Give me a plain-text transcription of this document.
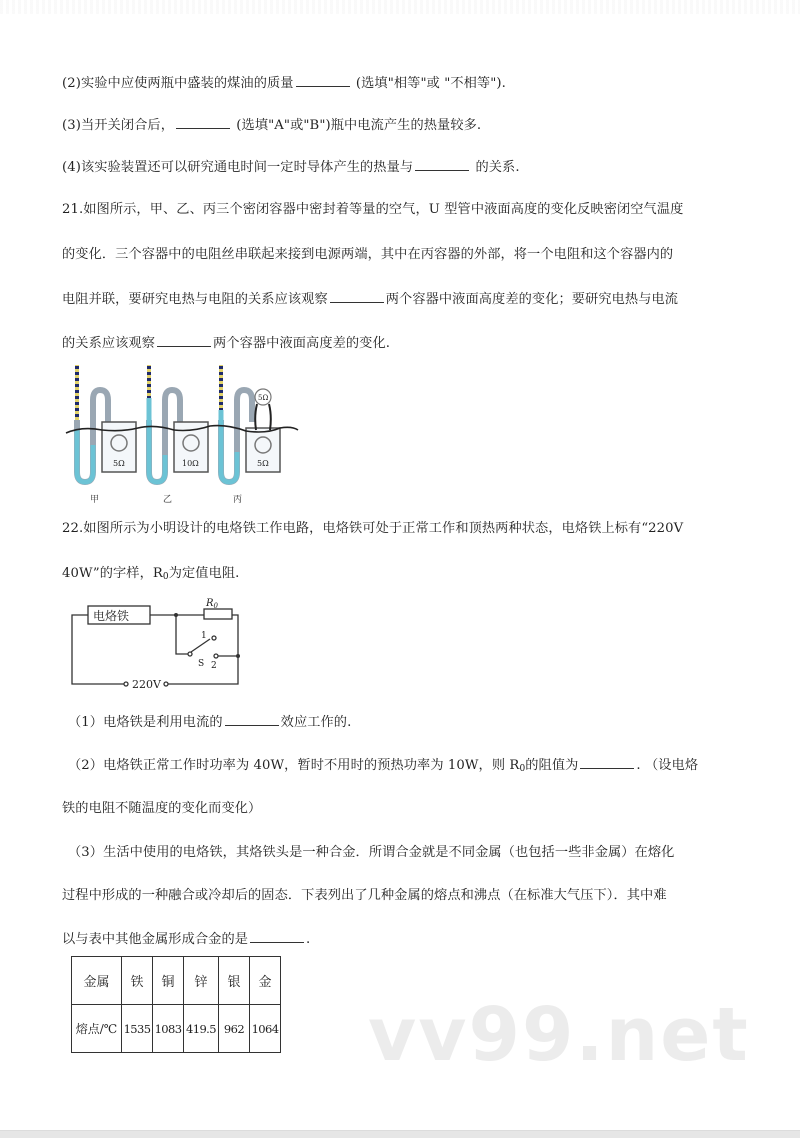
(2)实验中应使两瓶中盛装的煤油的质量	(选填"相等"或 "不相等").
(3)当开关闭合后，	(选填"A"或"B")瓶中电流产生的热量较多.
(4)该实验装置还可以研究通电时间一定时导体产生的热量与	的关系.
21.如图所示，甲、乙、丙三个密闭容器中密封着等量的空气，U 型管中液面高度的变化反映密闭空气温度
的变化．三个容器中的电阻丝串联起来接到电源两端，其中在丙容器的外部，将一个电阻和这个容器内的
电阻并联，要研究电热与电阻的关系应该观察	两个容器中液面高度差的变化；要研究电热与电流
的关系应该观察	两个容器中液面高度差的变化.
5Ω	10Ω	5Ω
5Ω
甲	乙	丙
22.如图所示为小明设计的电烙铁工作电路，电烙铁可处于正常工作和顶热两种状态，电烙铁上标有“220V
40W”的字样，$R_0$为定值电阻.
电烙铁
$R_0$
1
S 2
220V
（1）电烙铁是利用电流的	效应工作的.
（2）电烙铁正常工作时功率为 40W，暂时不用时的预热功率为 10W，则 $R_0$的阻值为	. （设电烙
铁的电阻不随温度的变化而变化）
（3）生活中使用的电烙铁，其烙铁头是一种合金．所谓合金就是不同金属（也包括一些非金属）在熔化
过程中形成的一种融合或冷却后的固态．下表列出了几种金属的熔点和沸点（在标准大气压下）．其中难
以与表中其他金属形成合金的是	.
金属	铁	铜	锌	银	金
熔点/℃	1535	1083	419.5	962	1064 vv99.net
